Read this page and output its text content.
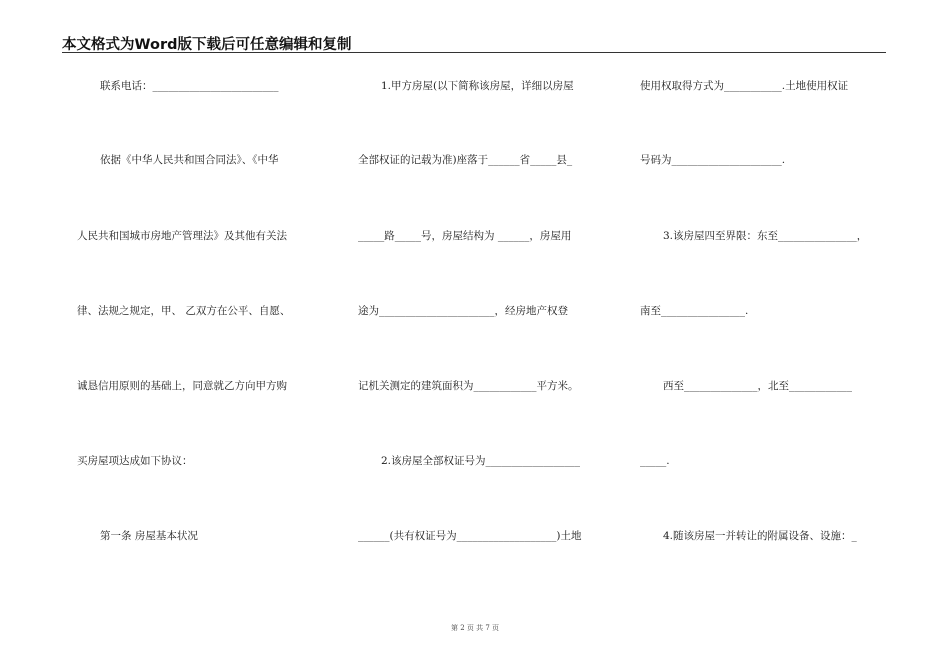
本文格式为Word版下载后可任意编辑和复制
联系电话：________________________
依据《中华人民共和国合同法》、《中华
人民共和国城市房地产管理法》及其他有关法
律、法规之规定，甲、 乙双方在公平、自愿、
诚恳信用原则的基础上，同意就乙方向甲方购
买房屋项达成如下协议：
第一条 房屋基本状况
1.甲方房屋(以下简称该房屋，详细以房屋
全部权证的记载为准)座落于______省_____县_
_____路_____号，房屋结构为 ______，房屋用
途为______________________，经房地产权登
记机关测定的建筑面积为____________平方米。
2.该房屋全部权证号为__________________
______(共有权证号为___________________)土地
使用权取得方式为___________.土地使用权证
号码为_____________________.
3.该房屋四至界限：东至_______________，
南至________________.
西至______________，北至____________
_____.
4.随该房屋一并转让的附属设备、设施：_
第 2 页 共 7 页
